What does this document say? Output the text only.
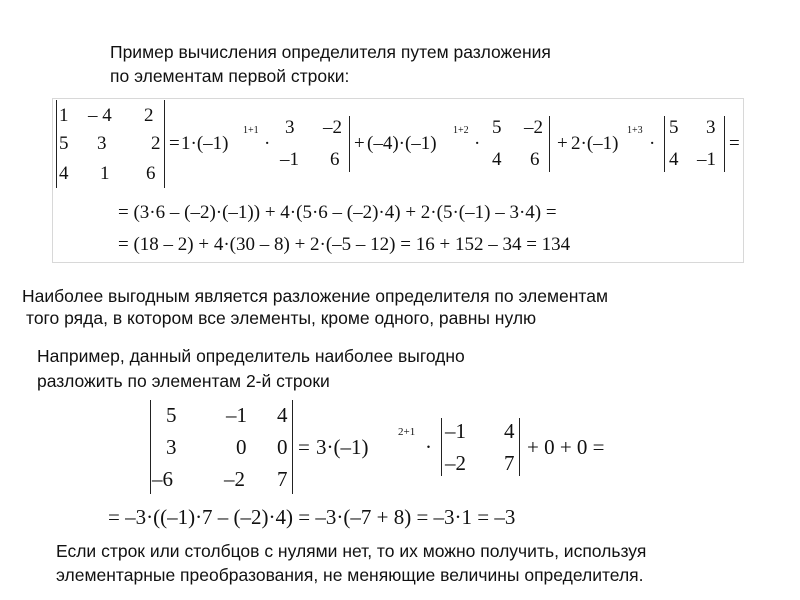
Пример вычисления определителя путем разложения
по элементам первой строки:
1 – 4 2
5 3 2
4 1 6
= 1·(–1)
1+1
·
3 –2
–1 6
+ (–4)·(–1)
1+2
·
5 –2
4 6
+ 2·(–1)
1+3
·
5 3
4 –1
=
= (3·6 – (–2)·(–1)) + 4·(5·6 – (–2)·4) + 2·(5·(–1) – 3·4) =
= (18 – 2) + 4·(30 – 8) + 2·(–5 – 12) = 16 + 152 – 34 = 134
Наиболее выгодным является разложение определителя по элементам
того ряда, в котором все элементы, кроме одного, равны нулю
Например, данный определитель наиболее выгодно
разложить по элементам 2-й строки
5 –1 4
3	0 0
–6 –2 7
= 3·(–1)
2+1
·
–1 4
–2 7
+ 0 + 0 =
= –3·((–1)·7 – (–2)·4) = –3·(–7 + 8) = –3·1 = –3
Если строк или столбцов с нулями нет, то их можно получить, используя
элементарные преобразования, не меняющие величины определителя.
